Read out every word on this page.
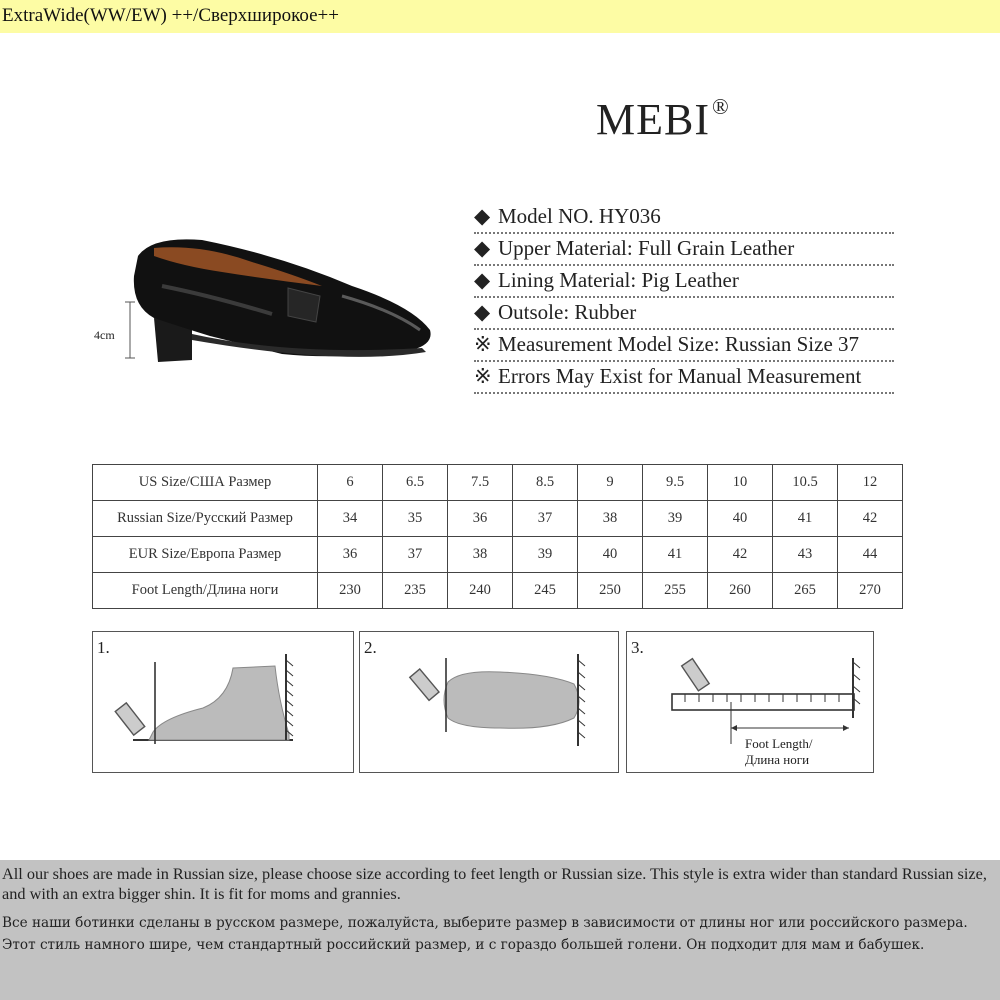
ExtraWide(WW/EW) ++/Сверхширокое++
MEBI®
4cm
◆ Model NO. HY036
◆ Upper Material: Full Grain Leather
◆ Lining Material: Pig Leather
◆ Outsole: Rubber
※ Measurement Model Size: Russian Size 37
※ Errors May Exist for Manual Measurement
US Size/США Размер	6	6.5	7.5	8.5	9	9.5	10	10.5	12
Russian Size/Русский Размер	34	35	36	37	38	39	40	41	42
EUR Size/Европа Размер	36	37	38	39	40	41	42	43	44
Foot Length/Длина ноги	230	235	240	245	250	255	260	265	270
1.	2.	3.
Foot Length/
Длина ноги

All our shoes are made in Russian size, please choose size according to feet length or Russian size. This style is extra wider than standard Russian size, and with an extra bigger shin. It is fit for moms and grannies.

Все наши ботинки сделаны в русском размере, пожалуйста, выберите размер в зависимости от длины ног или российского размера. Этот стиль намного шире, чем стандартный российский размер, и с гораздо большей голени. Он подходит для мам и бабушек.
